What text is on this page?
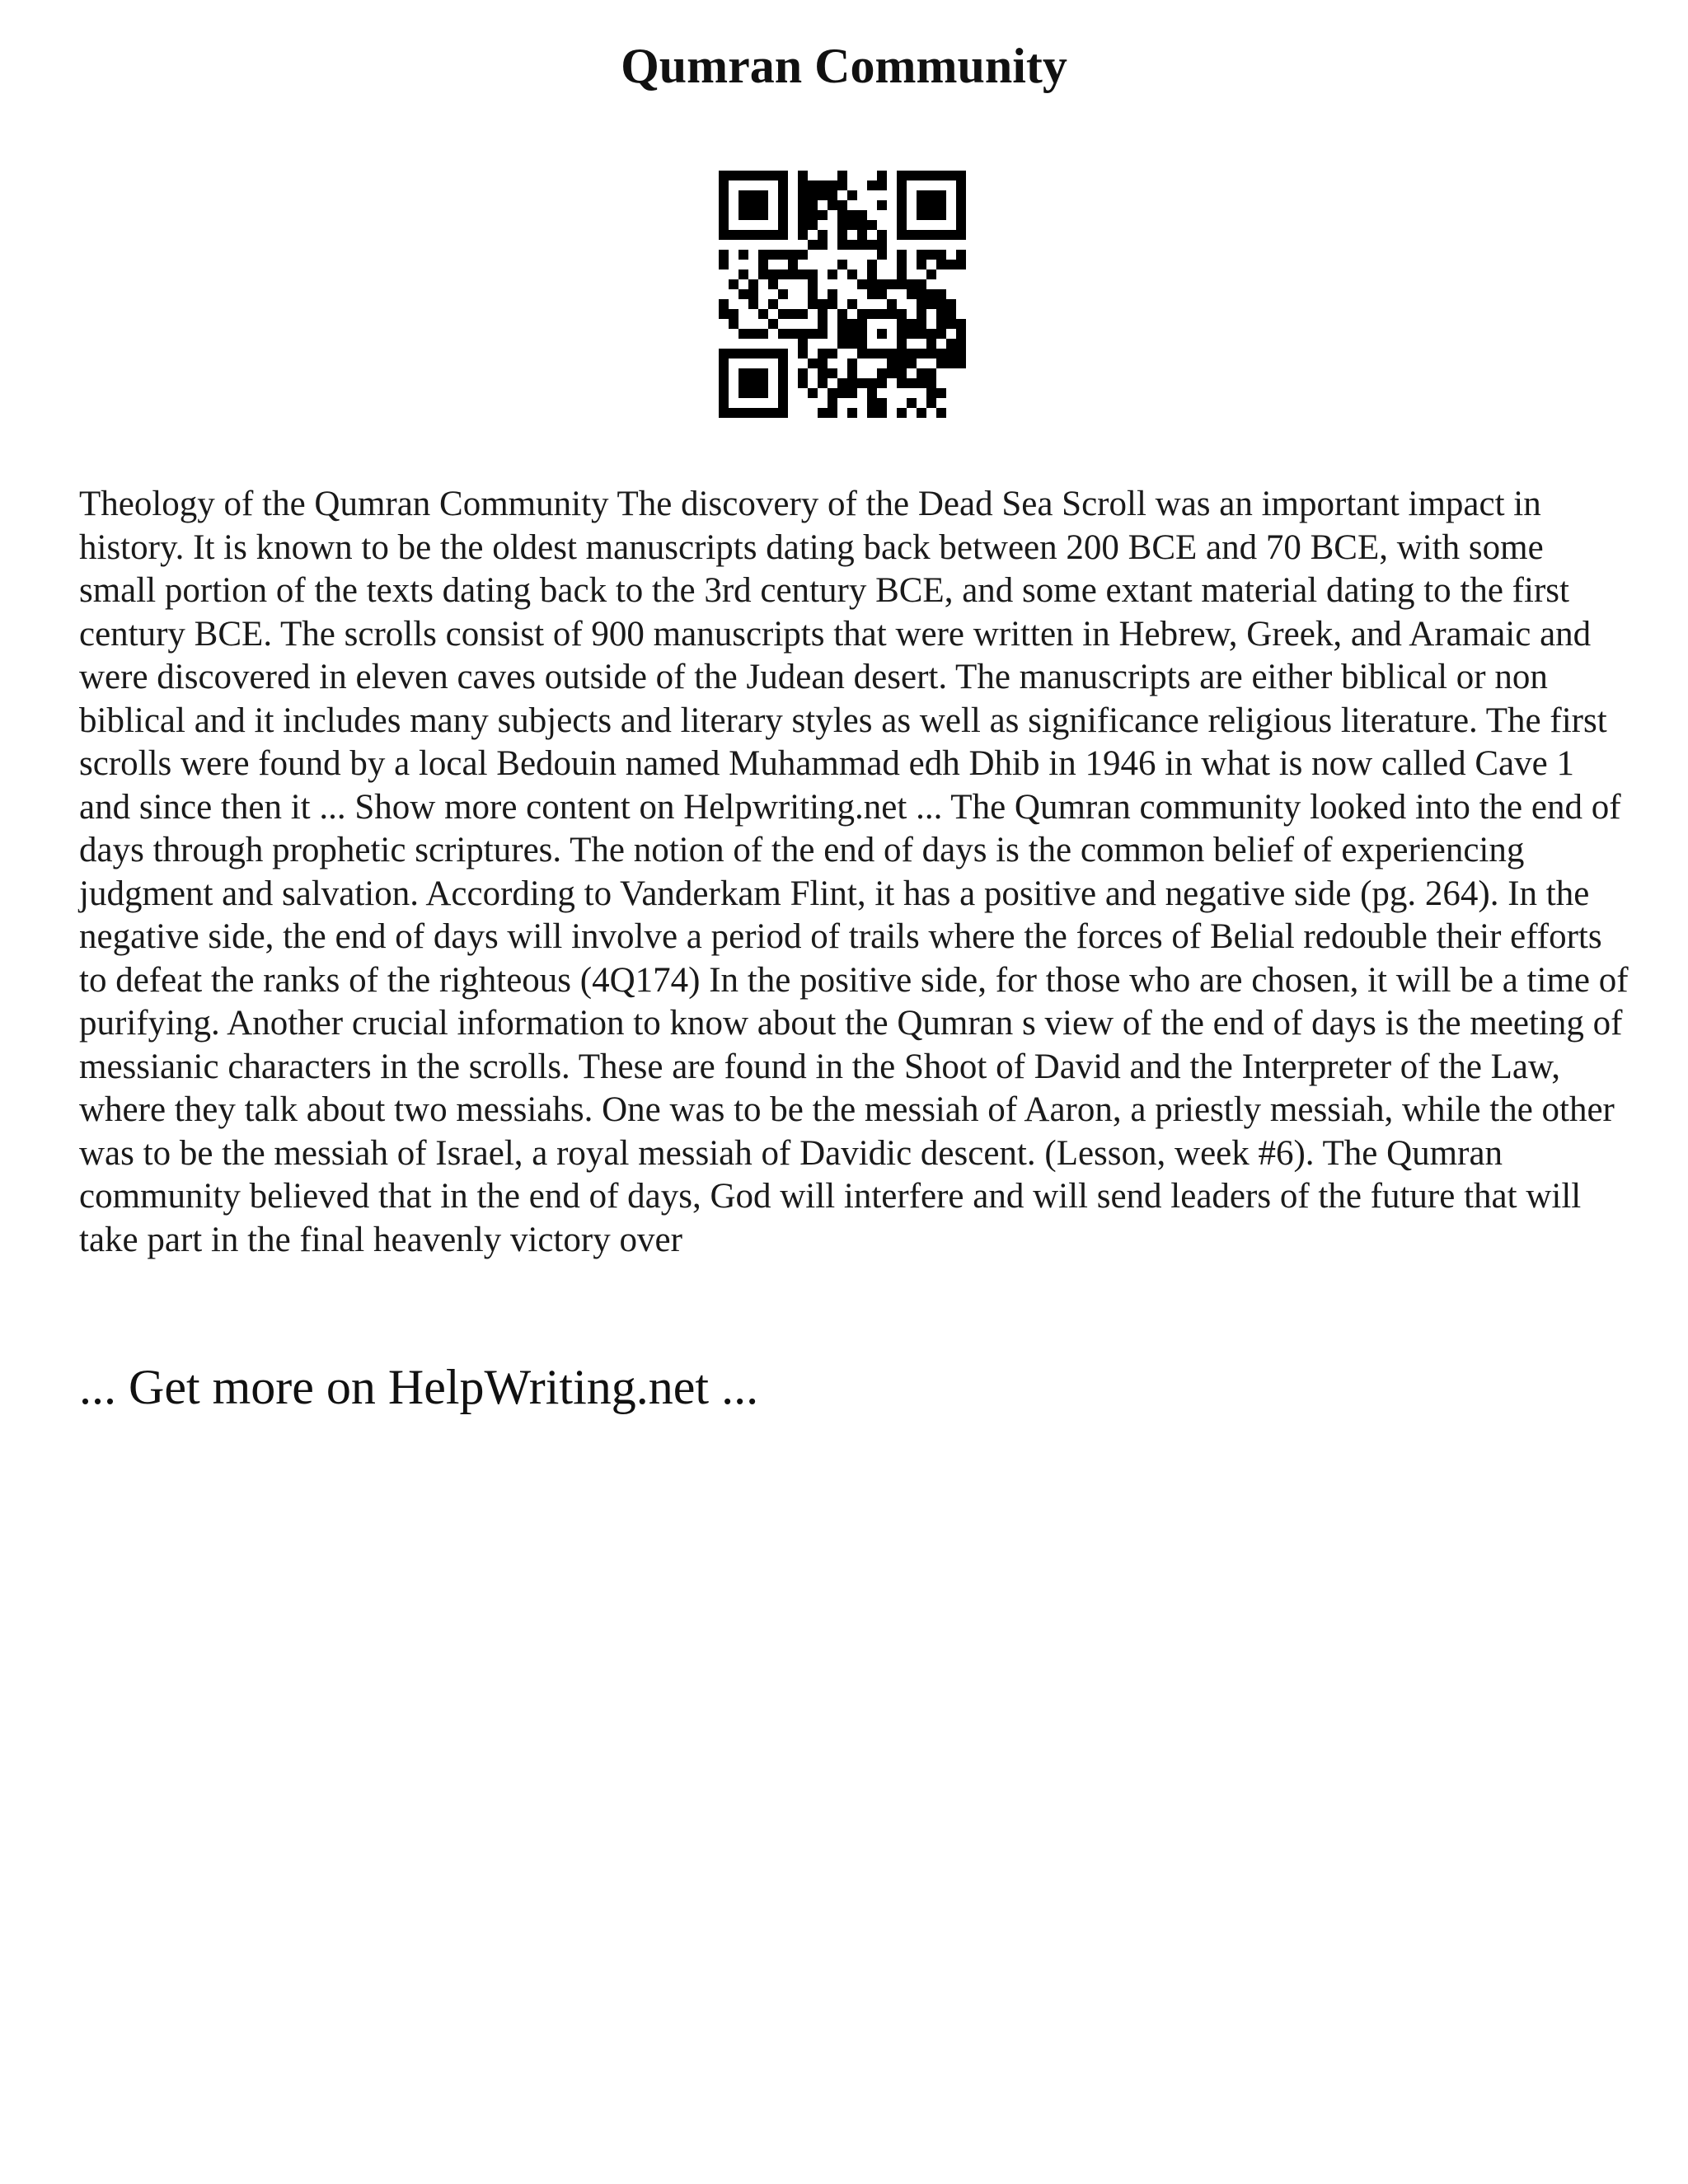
Qumran Community

Theology of the Qumran Community The discovery of the Dead Sea Scroll was an important impact in history. It is known to be the oldest manuscripts dating back between 200 BCE and 70 BCE, with some small portion of the texts dating back to the 3rd century BCE, and some extant material dating to the first century BCE. The scrolls consist of 900 manuscripts that were written in Hebrew, Greek, and Aramaic and were discovered in eleven caves outside of the Judean desert. The manuscripts are either biblical or non biblical and it includes many subjects and literary styles as well as significance religious literature. The first scrolls were found by a local Bedouin named Muhammad edh Dhib in 1946 in what is now called Cave 1 and since then it ... Show more content on Helpwriting.net ... The Qumran community looked into the end of days through prophetic scriptures. The notion of the end of days is the common belief of experiencing judgment and salvation. According to Vanderkam Flint, it has a positive and negative side (pg. 264). In the negative side, the end of days will involve a period of trails where the forces of Belial redouble their efforts to defeat the ranks of the righteous (4Q174) In the positive side, for those who are chosen, it will be a time of purifying. Another crucial information to know about the Qumran s view of the end of days is the meeting of messianic characters in the scrolls. These are found in the Shoot of David and the Interpreter of the Law, where they talk about two messiahs. One was to be the messiah of Aaron, a priestly messiah, while the other was to be the messiah of Israel, a royal messiah of Davidic descent. (Lesson, week #6). The Qumran community believed that in the end of days, God will interfere and will send leaders of the future that will take part in the final heavenly victory over

... Get more on HelpWriting.net ...
